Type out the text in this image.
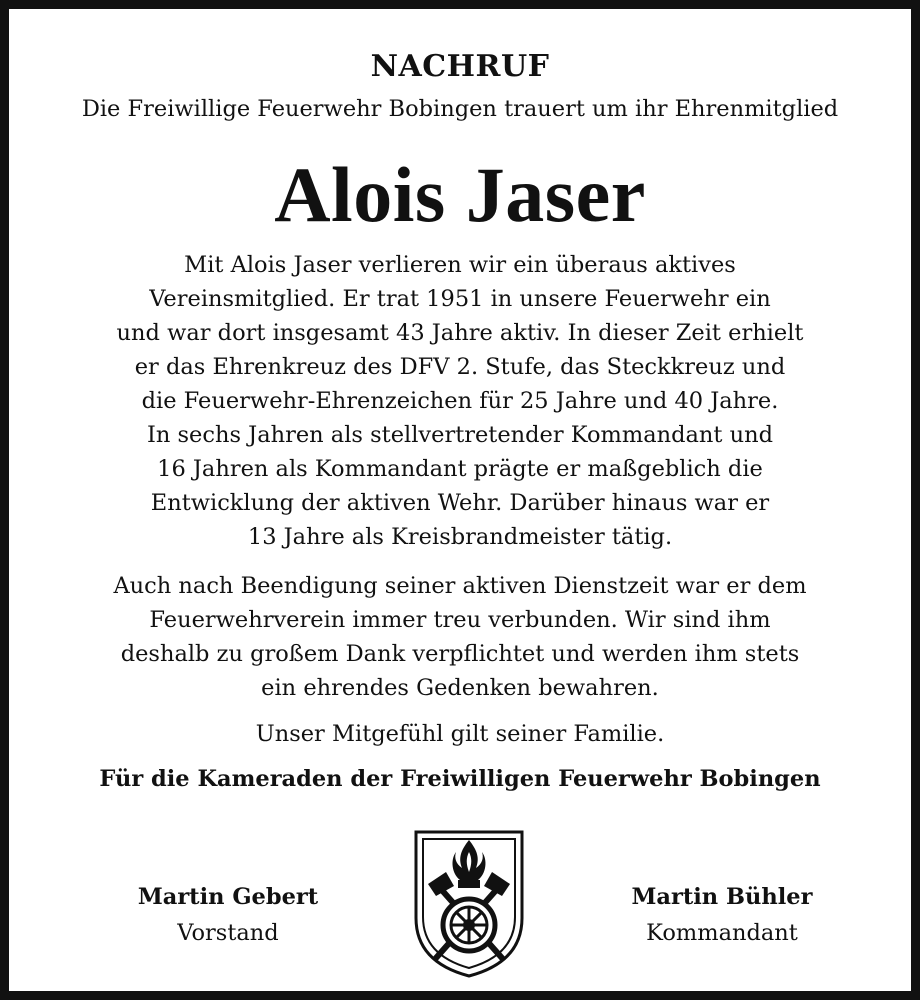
NACHRUF
Die Freiwillige Feuerwehr Bobingen trauert um ihr Ehrenmitglied
Alois Jaser
Mit Alois Jaser verlieren wir ein überaus aktives
Vereinsmitglied. Er trat 1951 in unsere Feuerwehr ein
und war dort insgesamt 43 Jahre aktiv. In dieser Zeit erhielt
er das Ehrenkreuz des DFV 2. Stufe, das Steckkreuz und
die Feuerwehr-Ehrenzeichen für 25 Jahre und 40 Jahre.
In sechs Jahren als stellvertretender Kommandant und
16 Jahren als Kommandant prägte er maßgeblich die
Entwicklung der aktiven Wehr. Darüber hinaus war er
13 Jahre als Kreisbrandmeister tätig.
Auch nach Beendigung seiner aktiven Dienstzeit war er dem
Feuerwehrverein immer treu verbunden. Wir sind ihm
deshalb zu großem Dank verpflichtet und werden ihm stets
ein ehrendes Gedenken bewahren.
Unser Mitgefühl gilt seiner Familie.
Für die Kameraden der Freiwilligen Feuerwehr Bobingen
Martin Gebert
Vorstand
Martin Bühler
Kommandant
